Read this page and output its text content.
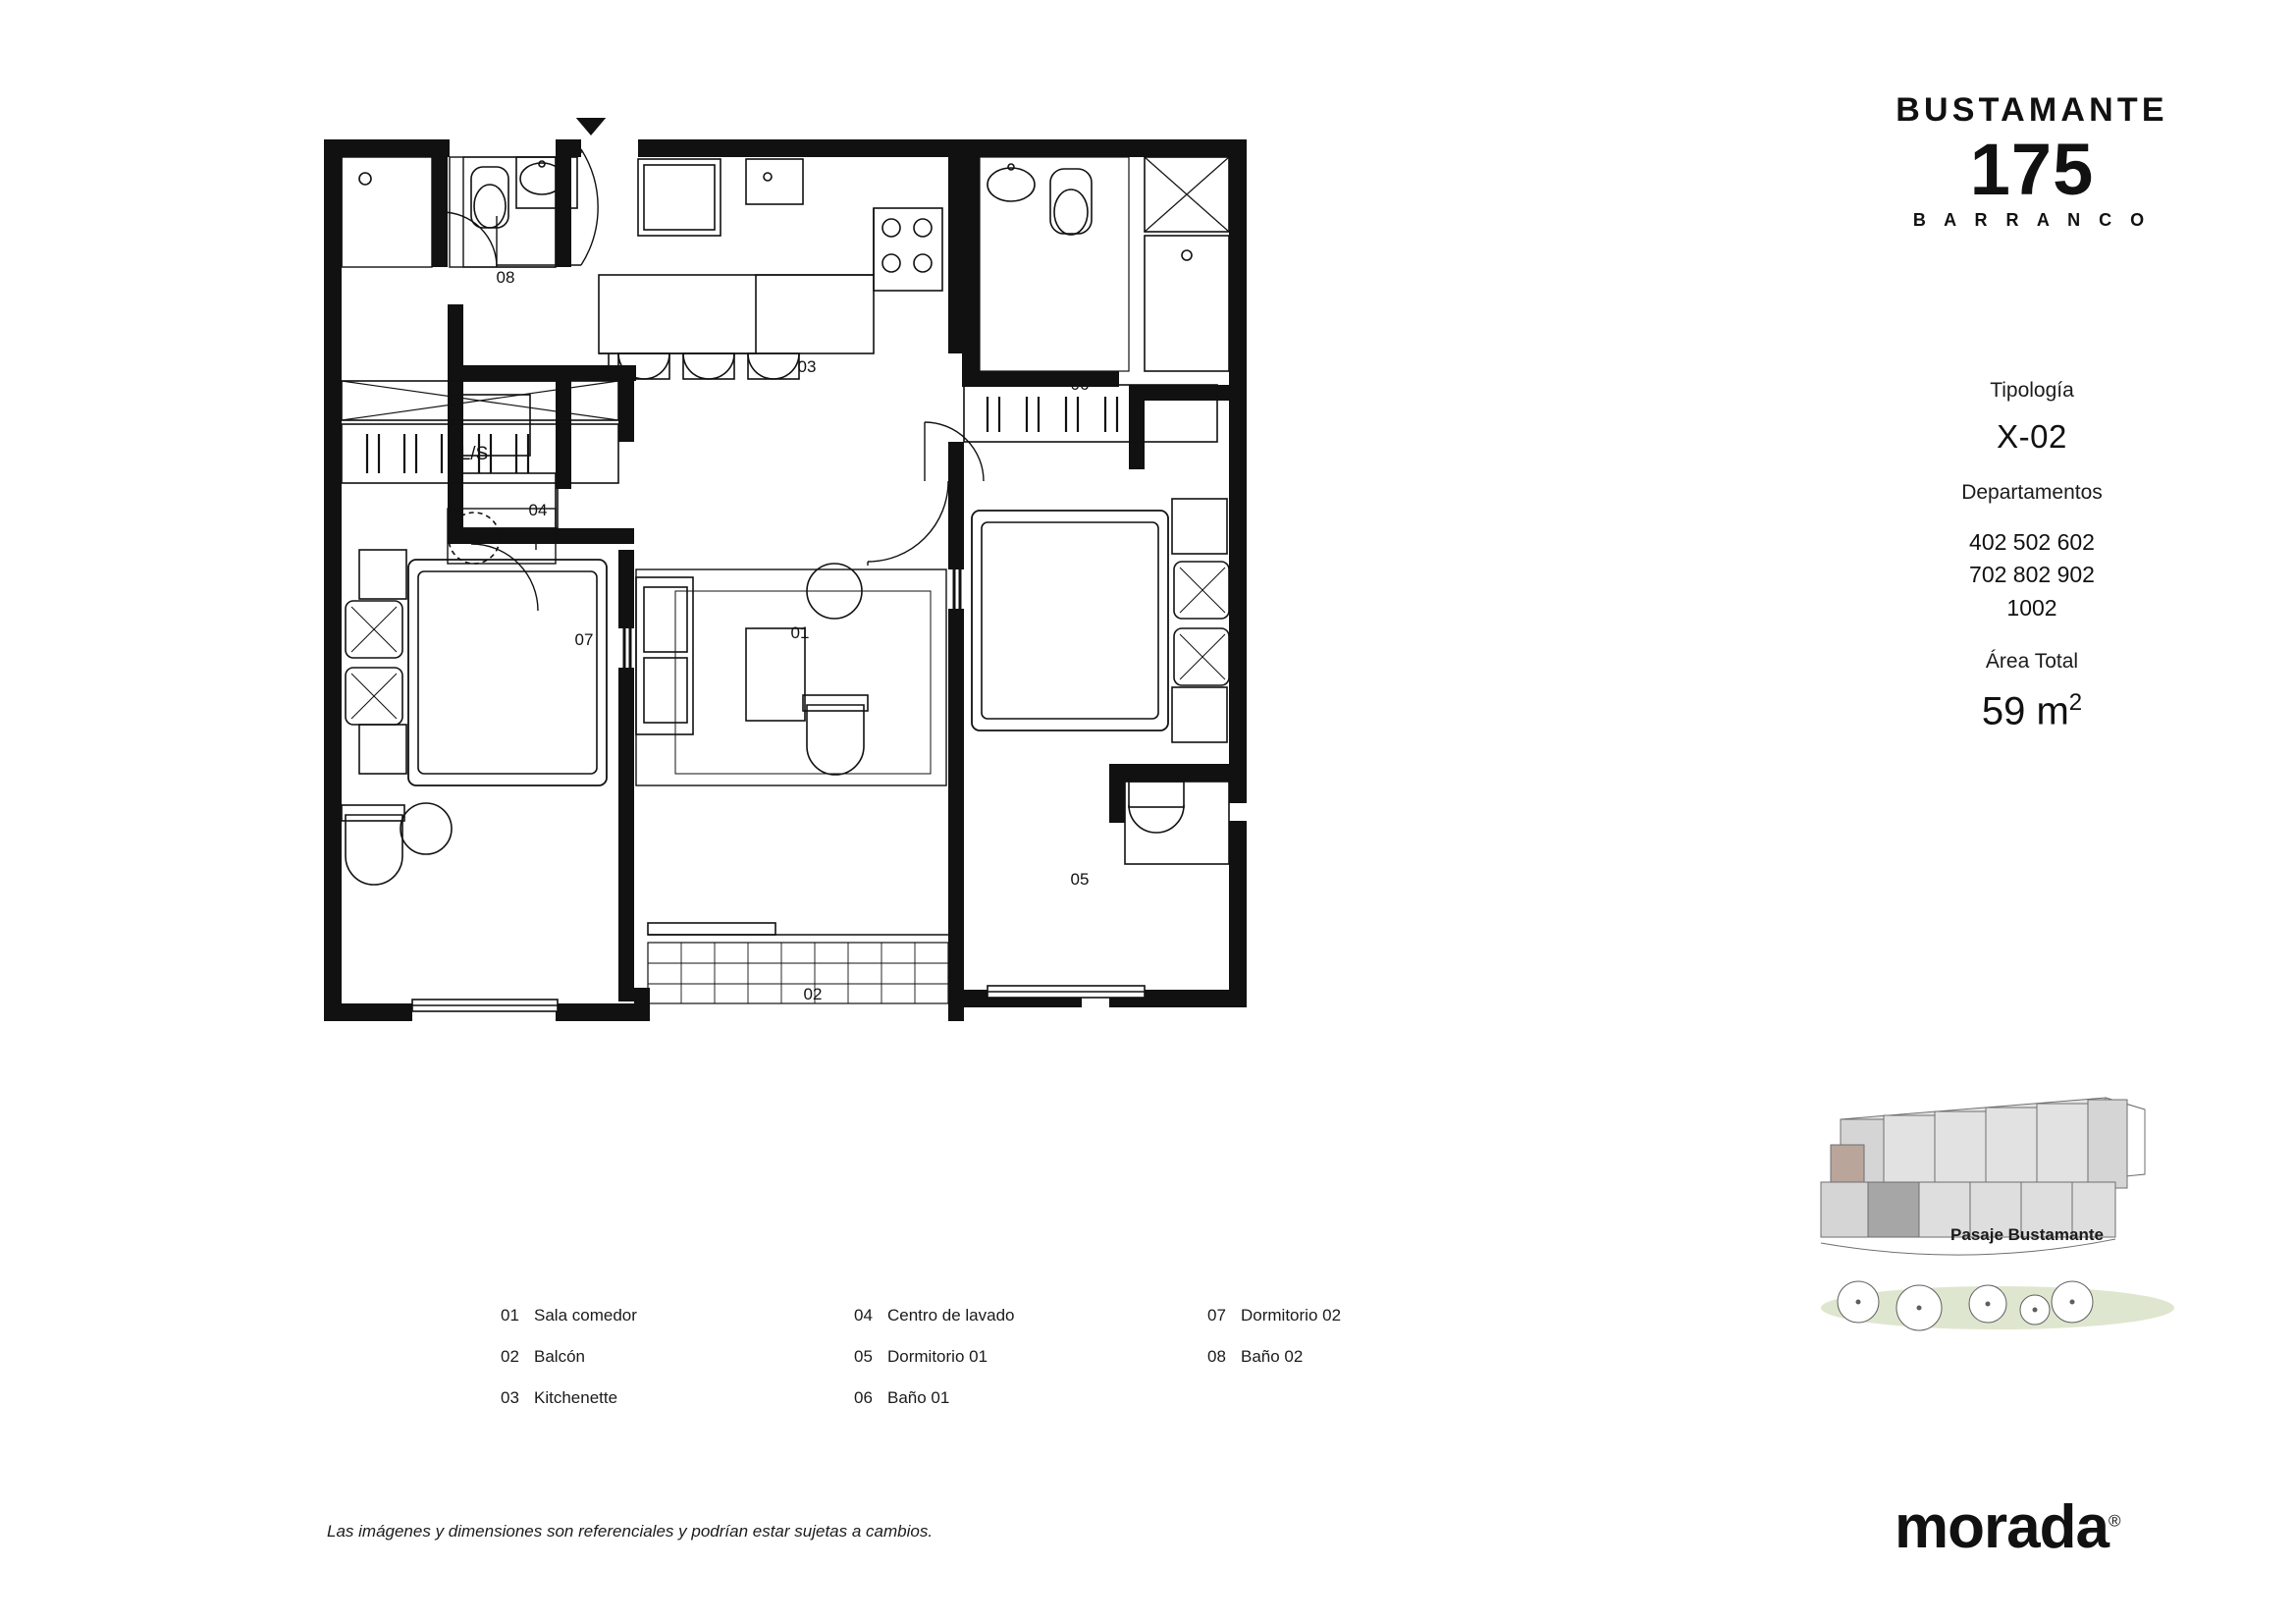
01
02
03
04
05
06
07
08
L/S
T
BUSTAMANTE
175
B A R R A N C O
Tipología
X-02
Departamentos
402 502 602
702 802 902
1002
Área Total
59 $m^2$
Pasaje Bustamante
morada®
01 Sala comedor
02 Balcón
03 Kitchenette
04 Centro de lavado
05 Dormitorio 01
06 Baño 01
07 Dormitorio 02
08 Baño 02
Las imágenes y dimensiones son referenciales y podrían estar sujetas a cambios.
